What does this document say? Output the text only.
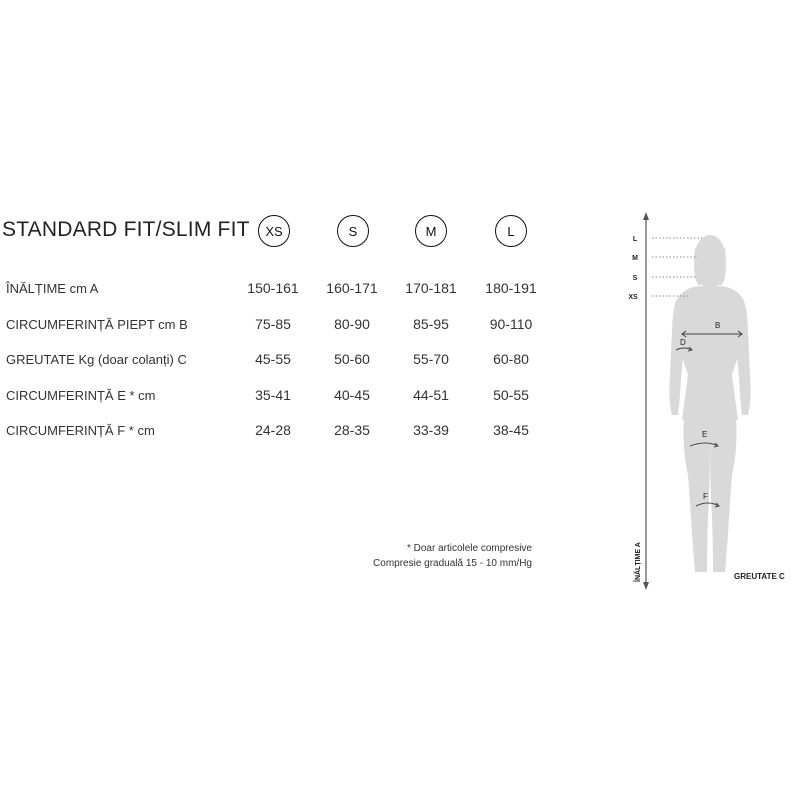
STANDARD FIT/SLIM FIT	XS	S	M	L
ÎNĂLȚIME cm A	150-161	160-171	170-181	180-191
CIRCUMFERINȚĂ PIEPT cm B	75-85	80-90	85-95	90-110
GREUTATE Kg (doar colanți) C	45-55	50-60	55-70	60-80
CIRCUMFERINȚĂ E * cm	35-41	40-45	44-51	50-55
CIRCUMFERINȚĂ F * cm	24-28	28-35	33-39	38-45
* Doar articolele compresive
Compresie graduală 15 - 10 mm/Hg
L
M
S
XS
ÎNĂLȚIME A	GREUTATE C
B
D
E
F
